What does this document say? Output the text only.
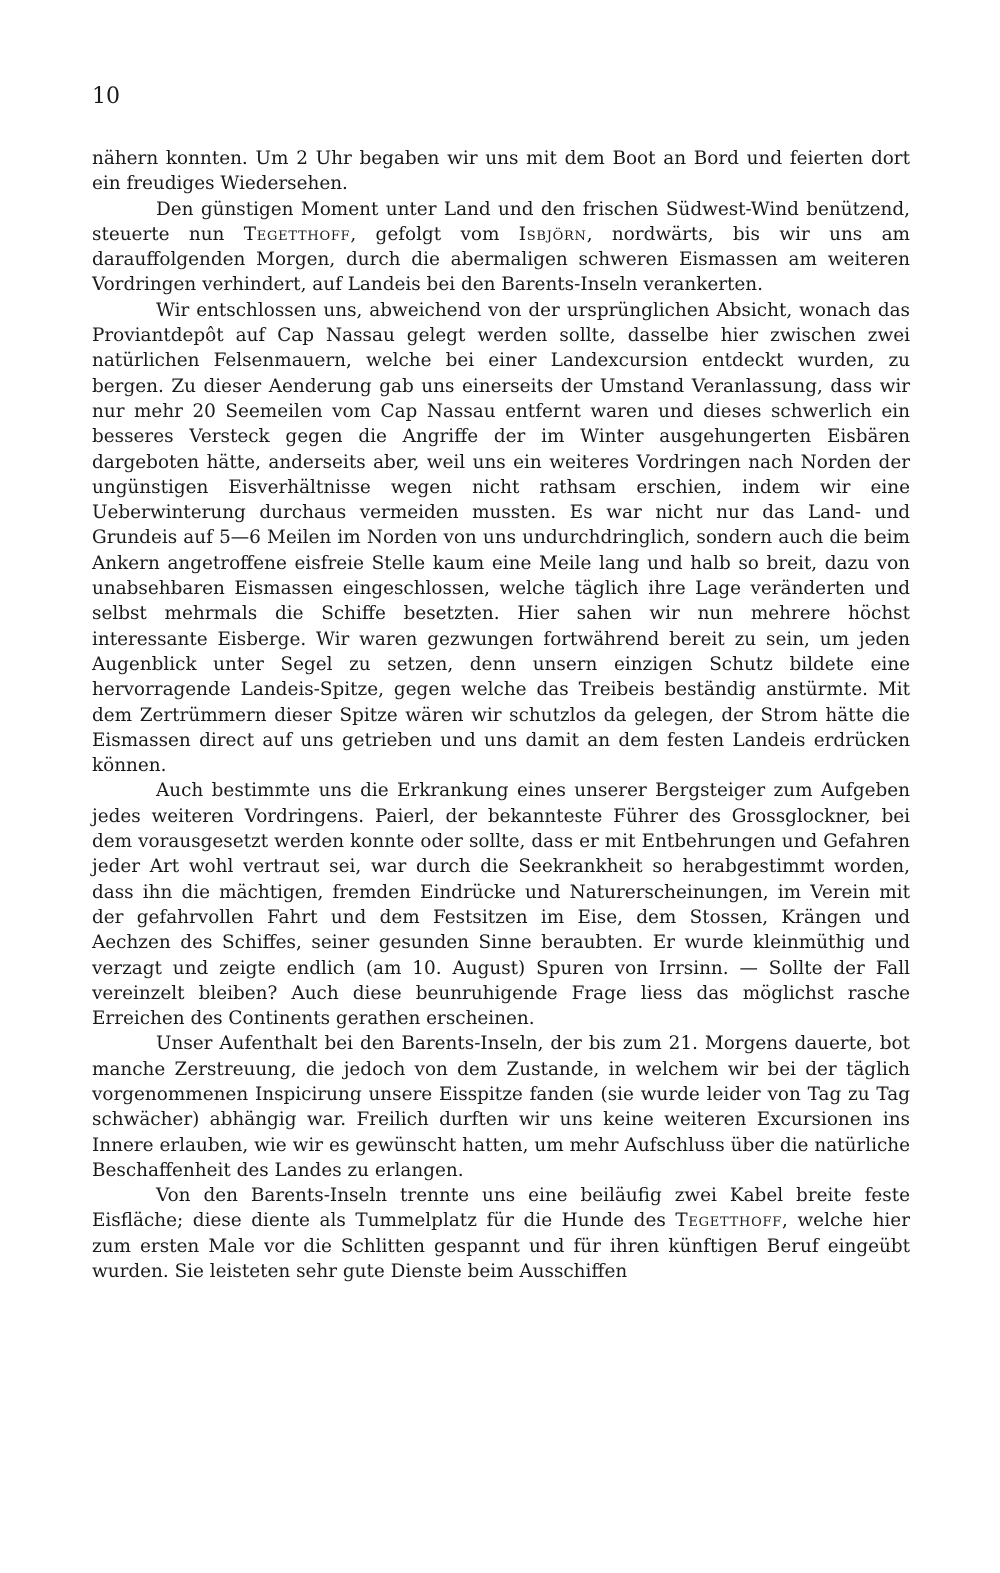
10

nähern konnten. Um 2 Uhr begaben wir uns mit dem Boot an Bord und feierten dort ein freudiges Wiedersehen.

Den günstigen Moment unter Land und den frischen Südwest-Wind benützend, steuerte nun Tegetthoff, gefolgt vom Isbjörn, nordwärts, bis wir uns am darauffolgenden Morgen, durch die abermaligen schweren Eismassen am weiteren Vordringen verhindert, auf Landeis bei den Barents-Inseln verankerten.

Wir entschlossen uns, abweichend von der ursprünglichen Absicht, wonach das Proviantdepôt auf Cap Nassau gelegt werden sollte, dasselbe hier zwischen zwei natürlichen Felsenmauern, welche bei einer Landexcursion entdeckt wurden, zu bergen. Zu dieser Aenderung gab uns einerseits der Umstand Veranlassung, dass wir nur mehr 20 Seemeilen vom Cap Nassau entfernt waren und dieses schwerlich ein besseres Versteck gegen die Angriffe der im Winter ausgehungerten Eisbären dargeboten hätte, anderseits aber, weil uns ein weiteres Vordringen nach Norden der ungünstigen Eisverhältnisse wegen nicht rathsam erschien, indem wir eine Ueberwinterung durchaus vermeiden mussten. Es war nicht nur das Land- und Grundeis auf 5—6 Meilen im Norden von uns undurchdringlich, sondern auch die beim Ankern angetroffene eisfreie Stelle kaum eine Meile lang und halb so breit, dazu von unabsehbaren Eismassen eingeschlossen, welche täglich ihre Lage veränderten und selbst mehrmals die Schiffe besetzten. Hier sahen wir nun mehrere höchst interessante Eisberge. Wir waren gezwungen fortwährend bereit zu sein, um jeden Augenblick unter Segel zu setzen, denn unsern einzigen Schutz bildete eine hervorragende Landeis-Spitze, gegen welche das Treibeis beständig anstürmte. Mit dem Zertrümmern dieser Spitze wären wir schutzlos da gelegen, der Strom hätte die Eismassen direct auf uns getrieben und uns damit an dem festen Landeis erdrücken können.

Auch bestimmte uns die Erkrankung eines unserer Bergsteiger zum Aufgeben jedes weiteren Vordringens. Paierl, der bekannteste Führer des Grossglockner, bei dem vorausgesetzt werden konnte oder sollte, dass er mit Entbehrungen und Gefahren jeder Art wohl vertraut sei, war durch die Seekrankheit so herabgestimmt worden, dass ihn die mächtigen, fremden Eindrücke und Naturerscheinungen, im Verein mit der gefahrvollen Fahrt und dem Festsitzen im Eise, dem Stossen, Krängen und Aechzen des Schiffes, seiner gesunden Sinne beraubten. Er wurde kleinmüthig und verzagt und zeigte endlich (am 10. August) Spuren von Irrsinn. — Sollte der Fall vereinzelt bleiben? Auch diese beunruhigende Frage liess das möglichst rasche Erreichen des Continents gerathen erscheinen.

Unser Aufenthalt bei den Barents-Inseln, der bis zum 21. Morgens dauerte, bot manche Zerstreuung, die jedoch von dem Zustande, in welchem wir bei der täglich vorgenommenen Inspicirung unsere Eisspitze fanden (sie wurde leider von Tag zu Tag schwächer) abhängig war. Freilich durften wir uns keine weiteren Excursionen ins Innere erlauben, wie wir es gewünscht hatten, um mehr Aufschluss über die natürliche Beschaffenheit des Landes zu erlangen.

Von den Barents-Inseln trennte uns eine beiläufig zwei Kabel breite feste Eisfläche; diese diente als Tummelplatz für die Hunde des Tegetthoff, welche hier zum ersten Male vor die Schlitten gespannt und für ihren künftigen Beruf eingeübt wurden. Sie leisteten sehr gute Dienste beim Ausschiffen
